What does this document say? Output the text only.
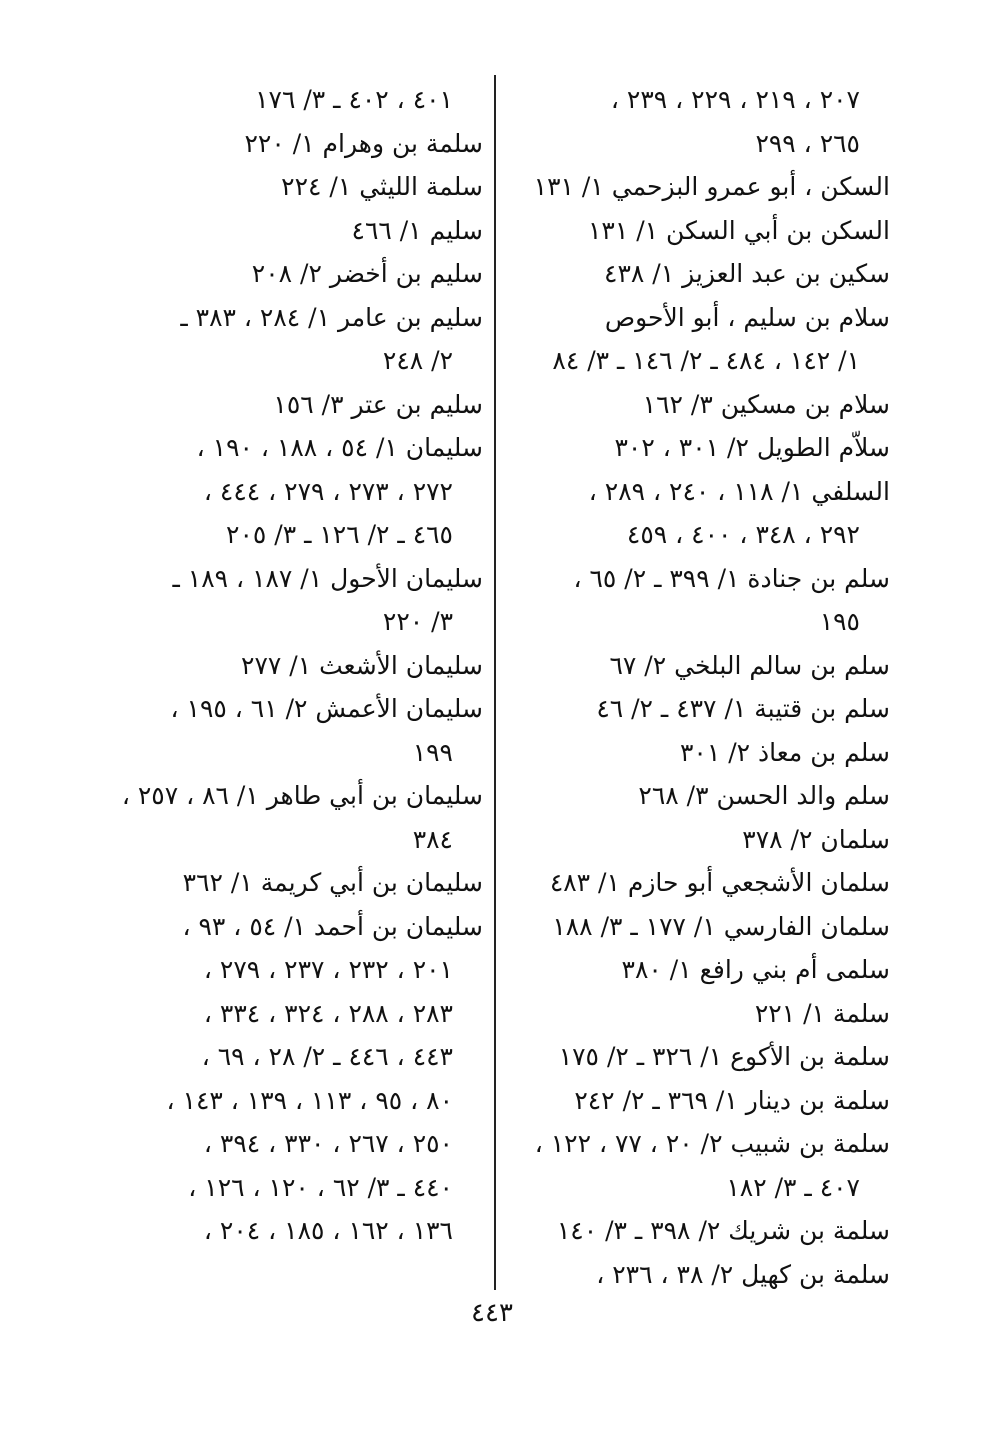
٢٠٧ ، ٢١٩ ، ٢٢٩ ، ٢٣٩ ،
٢٦٥ ، ٢٩٩
السكن ، أبو عمرو البزحمي ١/ ١٣١
السكن بن أبي السكن ١/ ١٣١
سكين بن عبد العزيز ١/ ٤٣٨
سلام بن سليم ، أبو الأحوص
١/ ١٤٢ ، ٤٨٤ ـ ٢/ ١٤٦ ـ ٣/ ٨٤
سلام بن مسكين ٣/ ١٦٢
سلاّم الطويل ٢/ ٣٠١ ، ٣٠٢
السلفي ١/ ١١٨ ، ٢٤٠ ، ٢٨٩ ،
٢٩٢ ، ٣٤٨ ، ٤٠٠ ، ٤٥٩
سلم بن جنادة ١/ ٣٩٩ ـ ٢/ ٦٥ ،
١٩٥
سلم بن سالم البلخي ٢/ ٦٧
سلم بن قتيبة ١/ ٤٣٧ ـ ٢/ ٤٦
سلم بن معاذ ٢/ ٣٠١
سلم والد الحسن ٣/ ٢٦٨
سلمان ٢/ ٣٧٨
سلمان الأشجعي أبو حازم ١/ ٤٨٣
سلمان الفارسي ١/ ١٧٧ ـ ٣/ ١٨٨
سلمى أم بني رافع ١/ ٣٨٠
سلمة ١/ ٢٢١
سلمة بن الأكوع ١/ ٣٢٦ ـ ٢/ ١٧٥
سلمة بن دينار ١/ ٣٦٩ ـ ٢/ ٢٤٢
سلمة بن شبيب ٢/ ٢٠ ، ٧٧ ، ١٢٢ ،
٤٠٧ ـ ٣/ ١٨٢
سلمة بن شريك ٢/ ٣٩٨ ـ ٣/ ١٤٠
سلمة بن كهيل ٢/ ٣٨ ، ٢٣٦ ،
٤٠١ ، ٤٠٢ ـ ٣/ ١٧٦
سلمة بن وهرام ١/ ٢٢٠
سلمة الليثي ١/ ٢٢٤
سليم ١/ ٤٦٦
سليم بن أخضر ٢/ ٢٠٨
سليم بن عامر ١/ ٢٨٤ ، ٣٨٣ ـ
٢/ ٢٤٨
سليم بن عتر ٣/ ١٥٦
سليمان ١/ ٥٤ ، ١٨٨ ، ١٩٠ ،
٢٧٢ ، ٢٧٣ ، ٢٧٩ ، ٤٤٤ ،
٤٦٥ ـ ٢/ ١٢٦ ـ ٣/ ٢٠٥
سليمان الأحول ١/ ١٨٧ ، ١٨٩ ـ
٣/ ٢٢٠
سليمان الأشعث ١/ ٢٧٧
سليمان الأعمش ٢/ ٦١ ، ١٩٥ ،
١٩٩
سليمان بن أبي طاهر ١/ ٨٦ ، ٢٥٧ ،
٣٨٤
سليمان بن أبي كريمة ١/ ٣٦٢
سليمان بن أحمد ١/ ٥٤ ، ٩٣ ،
٢٠١ ، ٢٣٢ ، ٢٣٧ ، ٢٧٩ ،
٢٨٣ ، ٢٨٨ ، ٣٢٤ ، ٣٣٤ ،
٤٤٣ ، ٤٤٦ ـ ٢/ ٢٨ ، ٦٩ ،
٨٠ ، ٩٥ ، ١١٣ ، ١٣٩ ، ١٤٣ ،
٢٥٠ ، ٢٦٧ ، ٣٣٠ ، ٣٩٤ ،
٤٤٠ ـ ٣/ ٦٢ ، ١٢٠ ، ١٢٦ ،
١٣٦ ، ١٦٢ ، ١٨٥ ، ٢٠٤ ،
٤٤٣
